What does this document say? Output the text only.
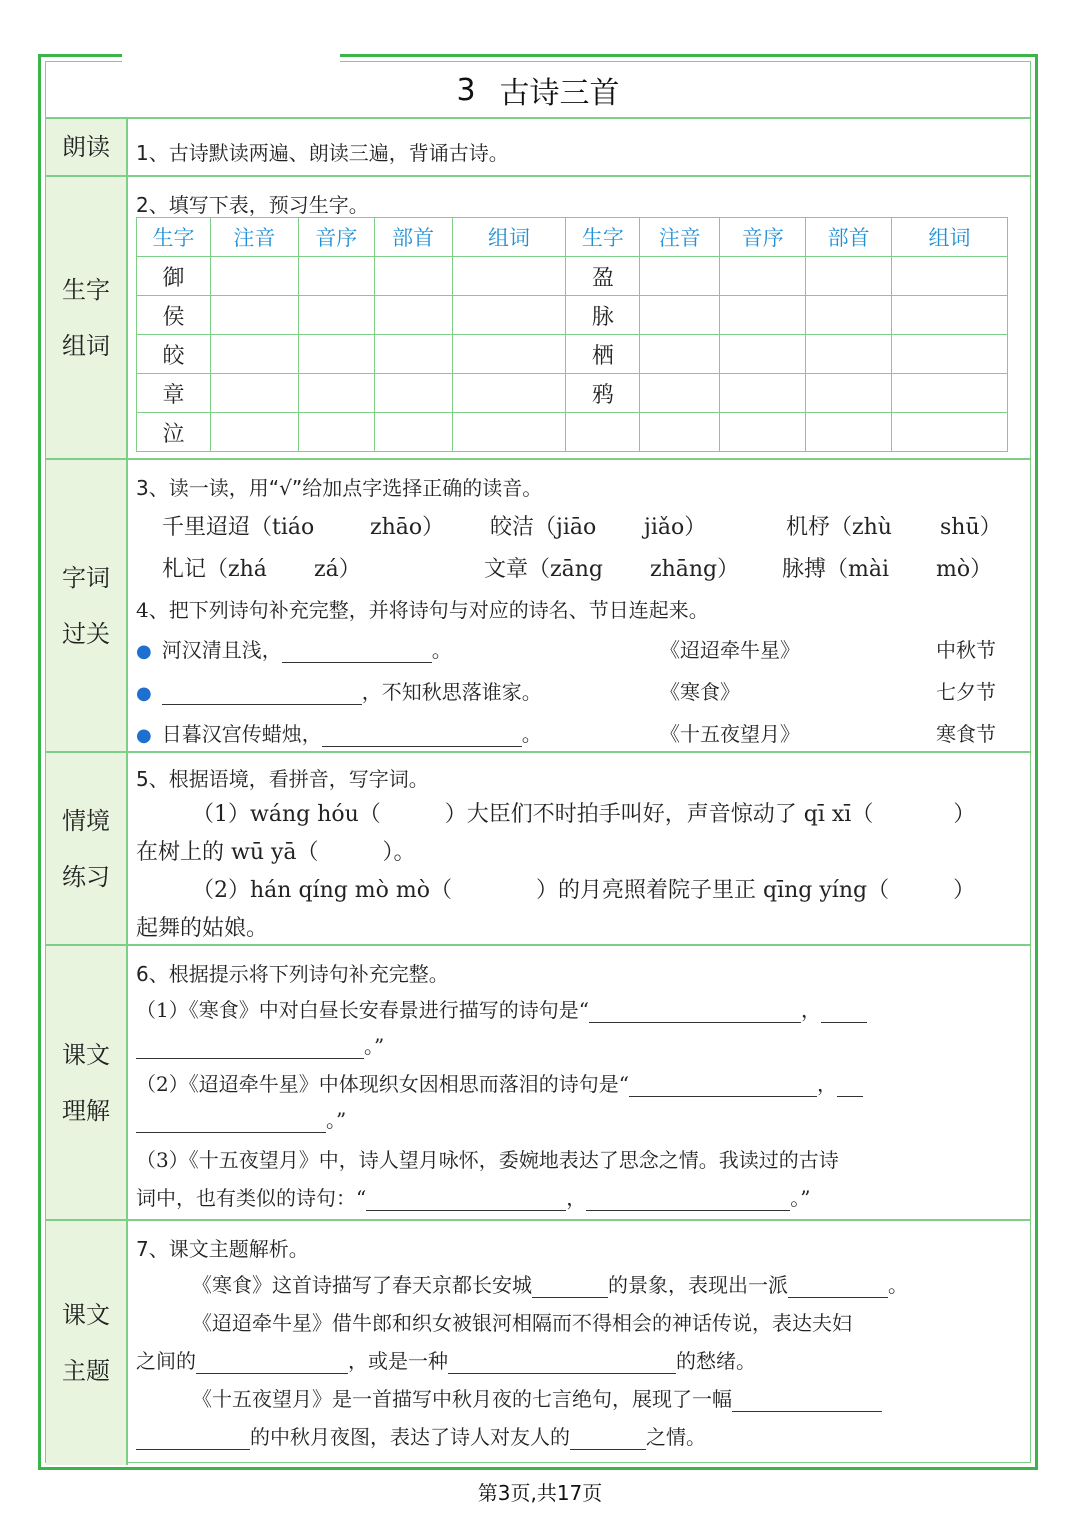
3 古诗三首
朗读 1、古诗默读两遍、朗读三遍，背诵古诗。
生字
组词
2、填写下表，预习生字。
生字	注音	音序	部首	组词	生字	注音	音序	部首	组词
御					盈				
侯					脉				
皎					栖				
章					鸦				
泣									
字词
过关
3、读一读，用“√”给加点字选择正确的读音。
千里迢迢（tiáo	zhāo） 皎洁（jiāo jiǎo）	机杼（zhù shū）
札记（zhá zá）	文章（zāng zhāng） 脉搏（mài mò）
4、把下列诗句补充完整，并将诗句与对应的诗名、节日连起来。
● 河汉清且浅，	。	《迢迢牵牛星》	中秋节
●	，不知秋思落谁家。	《寒食》	七夕节
● 日暮汉宫传蜡烛，	。	《十五夜望月》	寒食节
情境
练习
5、根据语境，看拼音，写字词。
（1）wáng hóu（	）大臣们不时拍手叫好，声音惊动了 qī xī（	）
在树上的 wū yā（	）。
（2）hán qíng mò mò（	）的月亮照着院子里正 qīng yíng（	）
起舞的姑娘。
课文
理解
6、根据提示将下列诗句补充完整。
（1）《寒食》中对白昼长安春景进行描写的诗句是“	，
。”
（2）《迢迢牵牛星》中体现织女因相思而落泪的诗句是“	，
。”
（3）《十五夜望月》中，诗人望月咏怀，委婉地表达了思念之情。我读过的古诗
词中，也有类似的诗句：“	，	。”
课文
主题
7、课文主题解析。
《寒食》这首诗描写了春天京都长安城	的景象，表现出一派	。
《迢迢牵牛星》借牛郎和织女被银河相隔而不得相会的神话传说，表达夫妇
之间的	，或是一种	的愁绪。
《十五夜望月》是一首描写中秋月夜的七言绝句，展现了一幅
的中秋月夜图，表达了诗人对友人的	之情。
第3页,共17页
